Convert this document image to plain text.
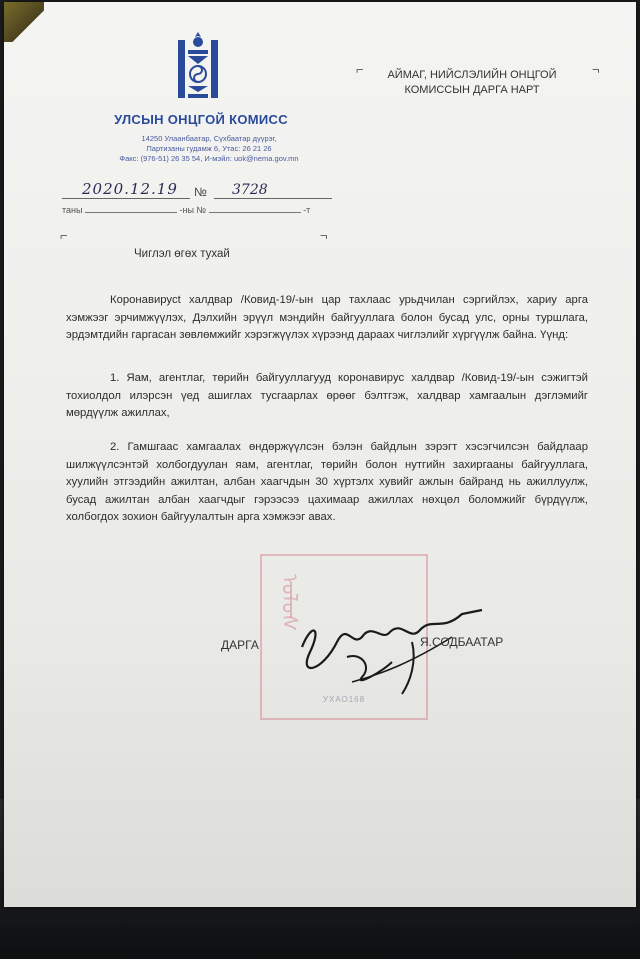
УЛСЫН ОНЦГОЙ КОМИСС
14250 Улаанбаатар, Сүхбаатар дүүрэг,
Партизаны гудамж 6, Утас: 26 21 26
Факс: (976-51) 26 35 54, И-мэйл: uok@nema.gov.mn
⌐	¬
АЙМАГ, НИЙСЛЭЛИЙН ОНЦГОЙ
КОМИССЫН ДАРГА НАРТ
2020.12.19 № 3728
таны	-ны №	-т
⌐	¬
Чиглэл өгөх тухай

Коронавирусt халдвар /Ковид-19/-ын цар тахлаас урьдчилан сэргийлэх, хариу арга хэмжээг эрчимжүүлэх, Дэлхийн эрүүл мэндийн байгууллага болон бусад улс, орны туршлага, эрдэмтдийн гаргасан зөвлөмжийг хэрэгжүүлэх хүрээнд дараах чиглэлийг хүргүүлж байна. Үүнд:

1. Яам, агентлаг, төрийн байгууллагууд коронавирус халдвар /Ковид-19/-ын сэжигтэй тохиолдол илэрсэн үед ашиглах тусгаарлах өрөөг бэлтгэж, халдвар хамгаалын дэглэмийг мөрдүүлж ажиллах,

2. Гамшгаас хамгаалах өндөржүүлсэн бэлэн байдлын зэрэгт хэсэгчилсэн байдлаар шилжүүлсэнтэй холбогдуулан яам, агентлаг, төрийн болон нутгийн захиргааны байгууллага, хуулийн этгээдийн ажилтан, албан хаагчдын 30 хүртэлх хувийг ажлын байранд нь ажиллуулж, бусад ажилтан албан хаагчдыг гэрээсээ цахимаар ажиллах нөхцөл боломжийг бүрдүүлж, холбогдох зохион байгуулалтын арга хэмжээг авах.

ᠤᠯᠤᠰ
УХАО168
ДАРГА	Я.СОДБААТАР
